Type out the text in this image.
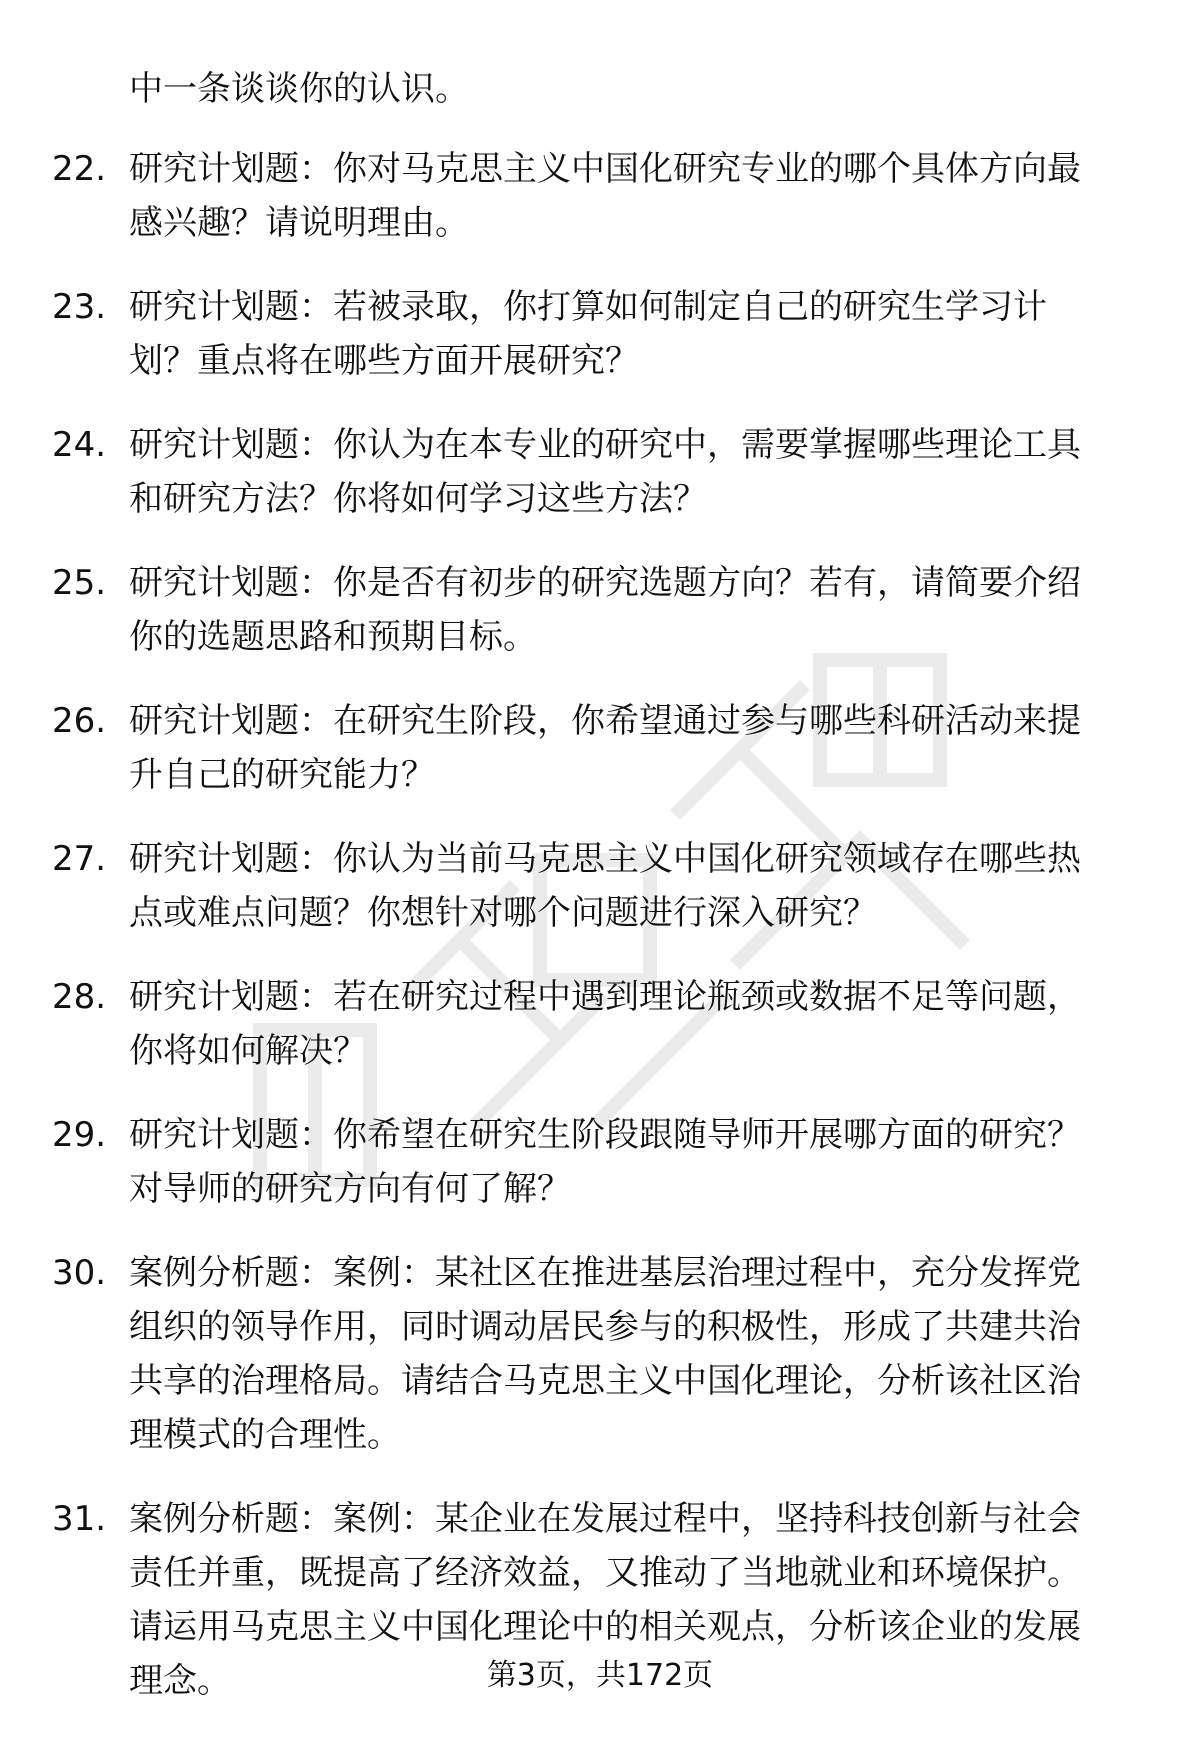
中一条谈谈你的认识。
22. 研究计划题：你对马克思主义中国化研究专业的哪个具体方向最
感兴趣？请说明理由。
23. 研究计划题：若被录取，你打算如何制定自己的研究生学习计
划？重点将在哪些方面开展研究？
24. 研究计划题：你认为在本专业的研究中，需要掌握哪些理论工具
和研究方法？你将如何学习这些方法？
25. 研究计划题：你是否有初步的研究选题方向？若有，请简要介绍
你的选题思路和预期目标。
26. 研究计划题：在研究生阶段，你希望通过参与哪些科研活动来提
升自己的研究能力？
27. 研究计划题：你认为当前马克思主义中国化研究领域存在哪些热
点或难点问题？你想针对哪个问题进行深入研究？
28. 研究计划题：若在研究过程中遇到理论瓶颈或数据不足等问题，
你将如何解决？
29. 研究计划题：你希望在研究生阶段跟随导师开展哪方面的研究？
对导师的研究方向有何了解？
30. 案例分析题：案例：某社区在推进基层治理过程中，充分发挥党
组织的领导作用，同时调动居民参与的积极性，形成了共建共治
共享的治理格局。请结合马克思主义中国化理论，分析该社区治
理模式的合理性。
31. 案例分析题：案例：某企业在发展过程中，坚持科技创新与社会
责任并重，既提高了经济效益，又推动了当地就业和环境保护。
请运用马克思主义中国化理论中的相关观点，分析该企业的发展
理念。	第3页，共172页
